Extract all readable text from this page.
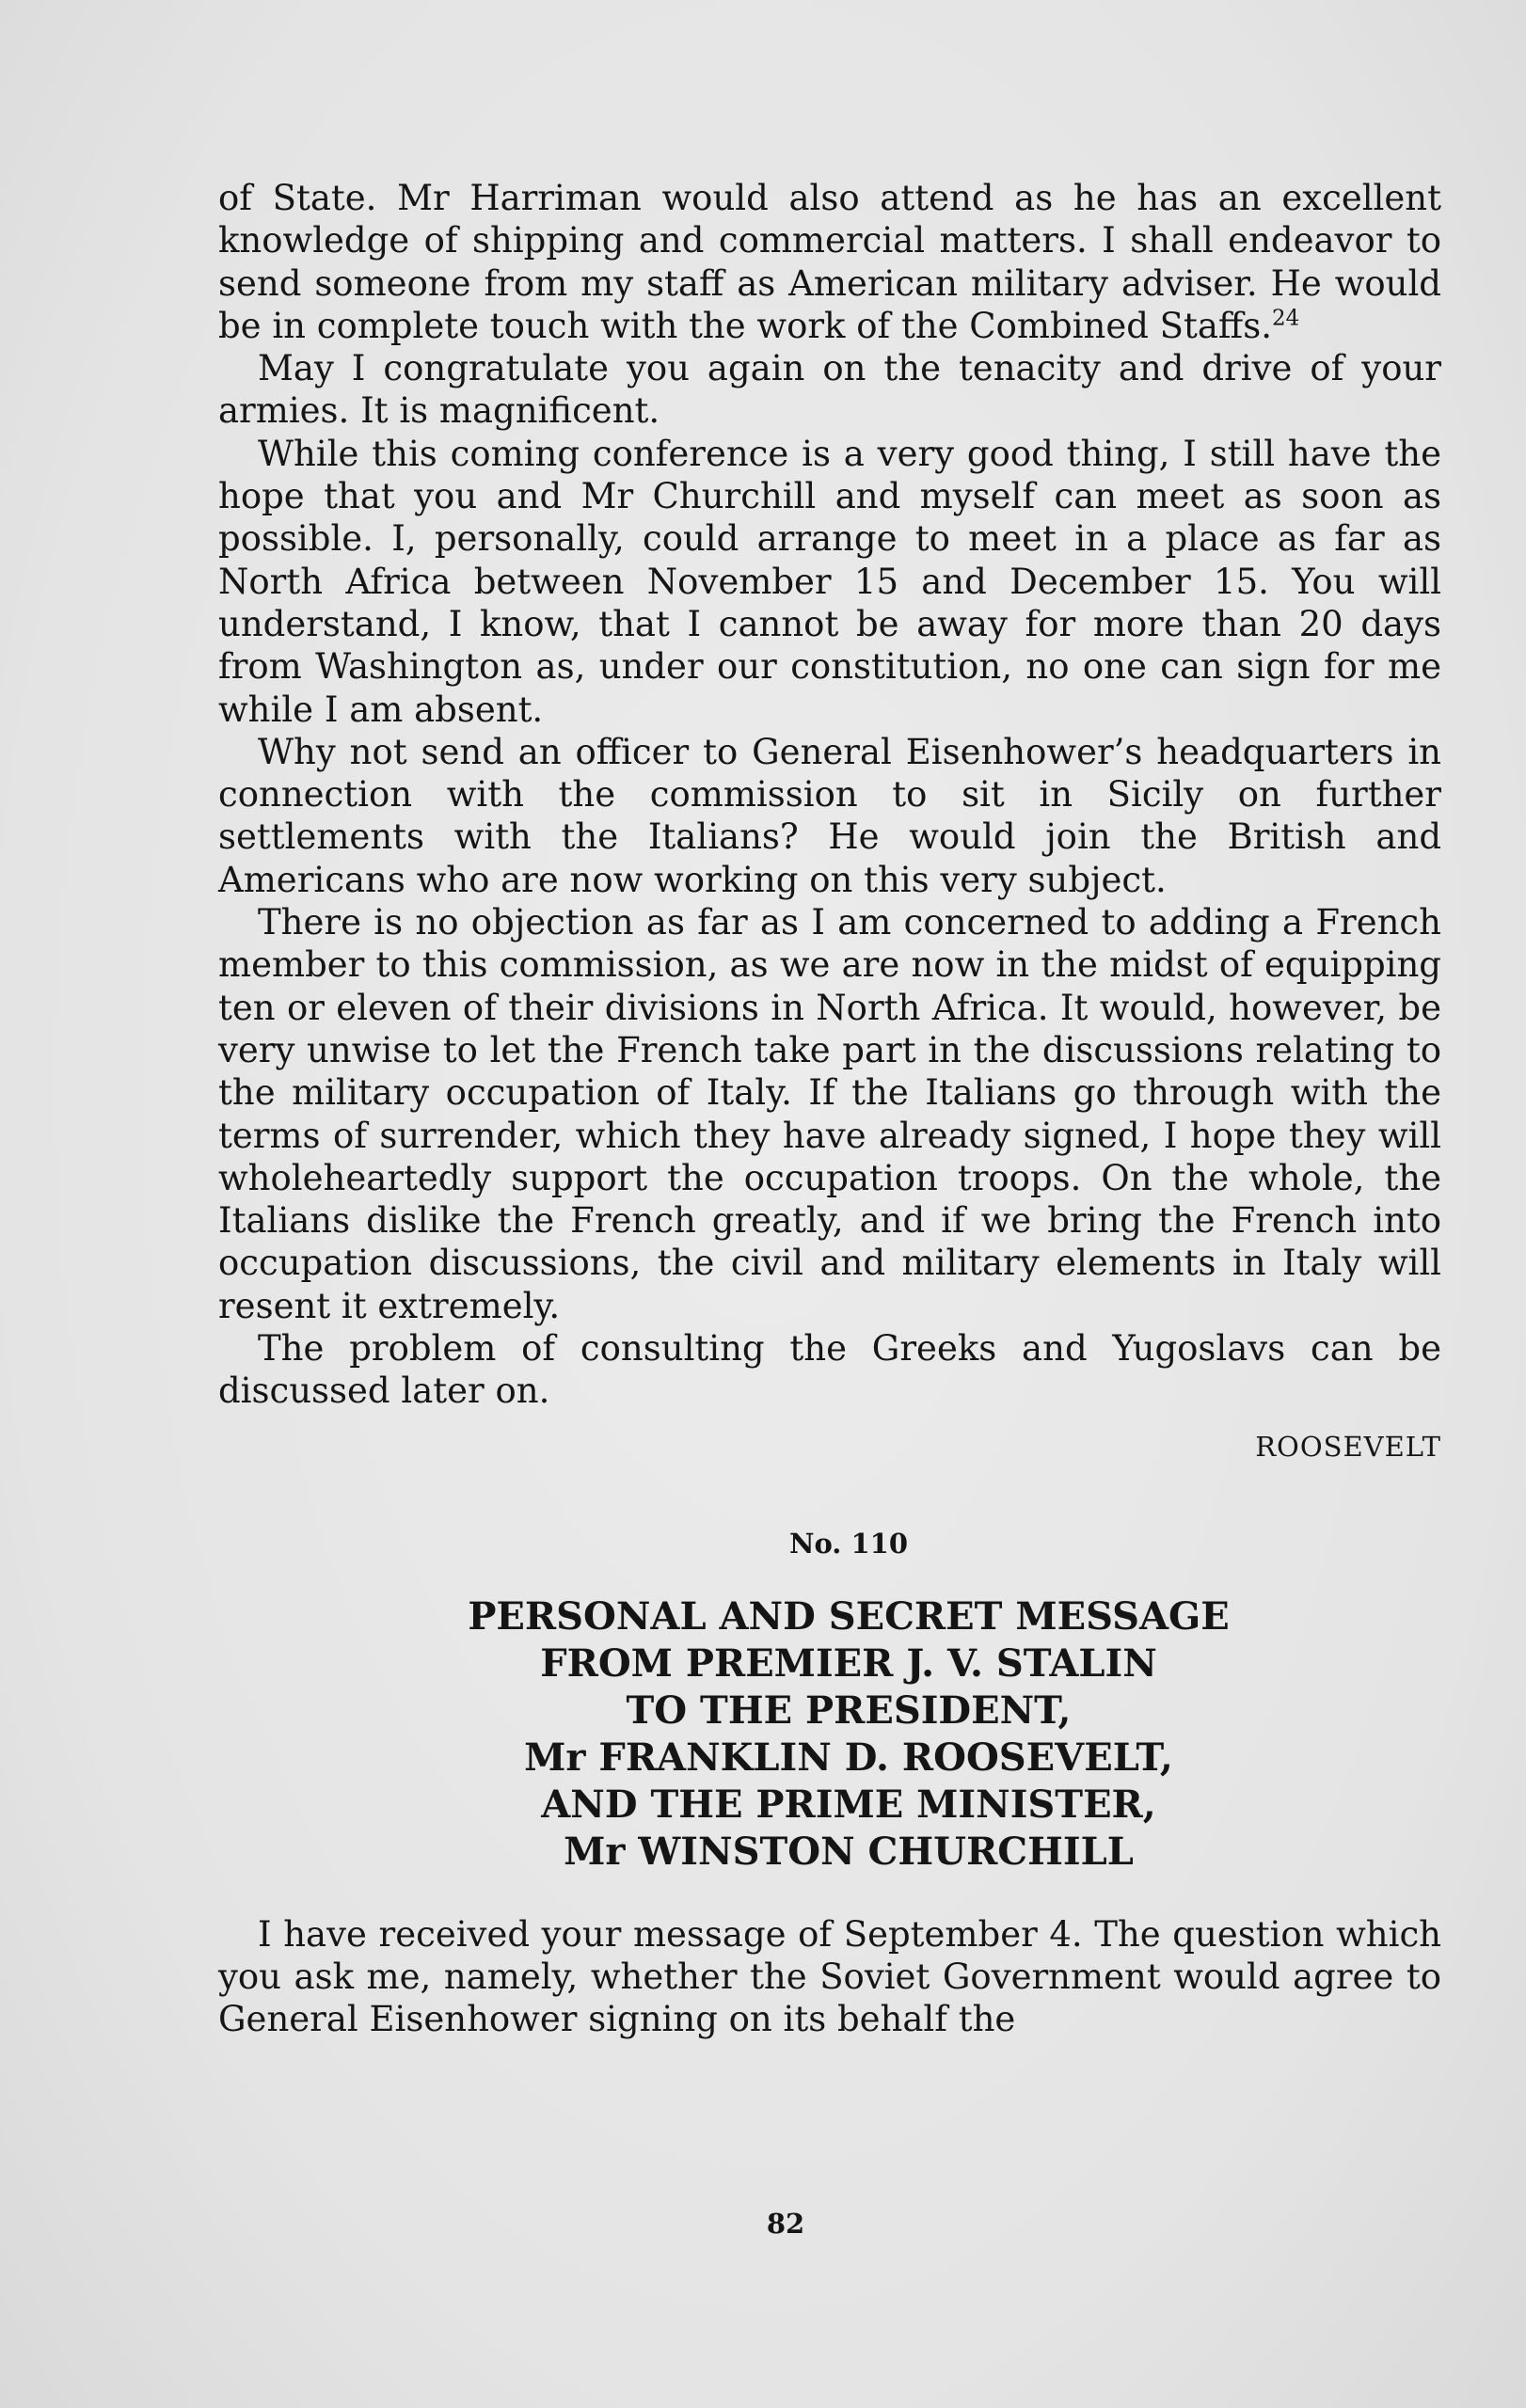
of State. Mr Harriman would also attend as he has an excellent knowledge of shipping and commercial matters. I shall endeavor to send someone from my staff as American military adviser. He would be in complete touch with the work of the Combined Staffs.$^{24}$

May I congratulate you again on the tenacity and drive of your armies. It is magnificent.

While this coming conference is a very good thing, I still have the hope that you and Mr Churchill and myself can meet as soon as possible. I, personally, could arrange to meet in a place as far as North Africa between November 15 and December 15. You will understand, I know, that I cannot be away for more than 20 days from Washington as, under our constitution, no one can sign for me while I am absent.

Why not send an officer to General Eisenhower’s headquarters in connection with the commission to sit in Sicily on further settlements with the Italians? He would join the British and Americans who are now working on this very subject.

There is no objection as far as I am concerned to adding a French member to this commission, as we are now in the midst of equipping ten or eleven of their divisions in North Africa. It would, however, be very unwise to let the French take part in the discussions relating to the military occupation of Italy. If the Italians go through with the terms of surrender, which they have already signed, I hope they will wholeheartedly support the occupation troops. On the whole, the Italians dislike the French greatly, and if we bring the French into occupation discussions, the civil and military elements in Italy will resent it extremely.

The problem of consulting the Greeks and Yugoslavs can be discussed later on.

ROOSEVELT
No. 110
PERSONAL AND SECRET MESSAGE
FROM PREMIER J. V. STALIN
TO THE PRESIDENT,
Mr FRANKLIN D. ROOSEVELT,
AND THE PRIME MINISTER,
Mr WINSTON CHURCHILL

I have received your message of September 4. The question which you ask me, namely, whether the Soviet Government would agree to General Eisenhower signing on its behalf the

82
